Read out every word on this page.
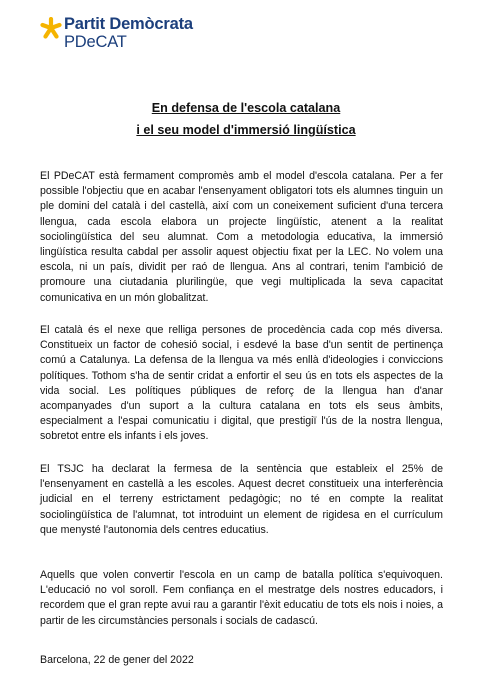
Partit Demòcrata
PDeCAT
En defensa de l'escola catalana
i el seu model d'immersió lingüística

El PDeCAT està fermament compromès amb el model d'escola catalana. Per a fer possible l'objectiu que en acabar l'ensenyament obligatori tots els alumnes tinguin un ple domini del català i del castellà, així com un coneixement suficient d'una tercera llengua, cada escola elabora un projecte lingüístic, atenent a la realitat sociolingüística del seu alumnat. Com a metodologia educativa, la immersió lingüística resulta cabdal per assolir aquest objectiu fixat per la LEC. No volem una escola, ni un país, dividit per raó de llengua. Ans al contrari, tenim l'ambició de promoure una ciutadania plurilingüe, que vegi multiplicada la seva capacitat comunicativa en un món globalitzat.

El català és el nexe que relliga persones de procedència cada cop més diversa. Constitueix un factor de cohesió social, i esdevé la base d'un sentit de pertinença comú a Catalunya. La defensa de la llengua va més enllà d'ideologies i conviccions polítiques. Tothom s'ha de sentir cridat a enfortir el seu ús en tots els aspectes de la vida social. Les polítiques públiques de reforç de la llengua han d'anar acompanyades d'un suport a la cultura catalana en tots els seus àmbits, especialment a l'espai comunicatiu i digital, que prestigiï l'ús de la nostra llengua, sobretot entre els infants i els joves.

El TSJC ha declarat la fermesa de la sentència que estableix el 25% de l'ensenyament en castellà a les escoles. Aquest decret constitueix una interferència judicial en el terreny estrictament pedagògic; no té en compte la realitat sociolingüística de l'alumnat, tot introduint un element de rigidesa en el currículum que menysté l'autonomia dels centres educatius.

Aquells que volen convertir l'escola en un camp de batalla política s'equivoquen. L'educació no vol soroll. Fem confiança en el mestratge dels nostres educadors, i recordem que el gran repte avui rau a garantir l'èxit educatiu de tots els nois i noies, a partir de les circumstàncies personals i socials de cadascú.

Barcelona, 22 de gener del 2022
